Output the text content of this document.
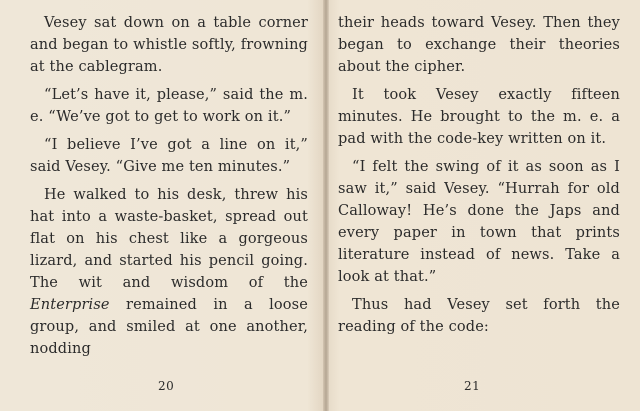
Vesey sat down on a table corner and began to whistle softly, frowning at the cablegram.

“Let’s have it, please,” said the m. e. “We’ve got to get to work on it.”

“I believe I’ve got a line on it,” said Vesey. “Give me ten minutes.”

He walked to his desk, threw his hat into a waste-basket, spread out flat on his chest like a gorgeous lizard, and started his pencil going. The wit and wisdom of the Enterprise remained in a loose group, and smiled at one another, nodding

20

their heads toward Vesey. Then they began to exchange their theories about the cipher.

It took Vesey exactly fifteen minutes. He brought to the m. e. a pad with the code-key written on it.

“I felt the swing of it as soon as I saw it,” said Vesey. “Hurrah for old Calloway! He’s done the Japs and every paper in town that prints literature instead of news. Take a look at that.”

Thus had Vesey set forth the reading of the code:

21
